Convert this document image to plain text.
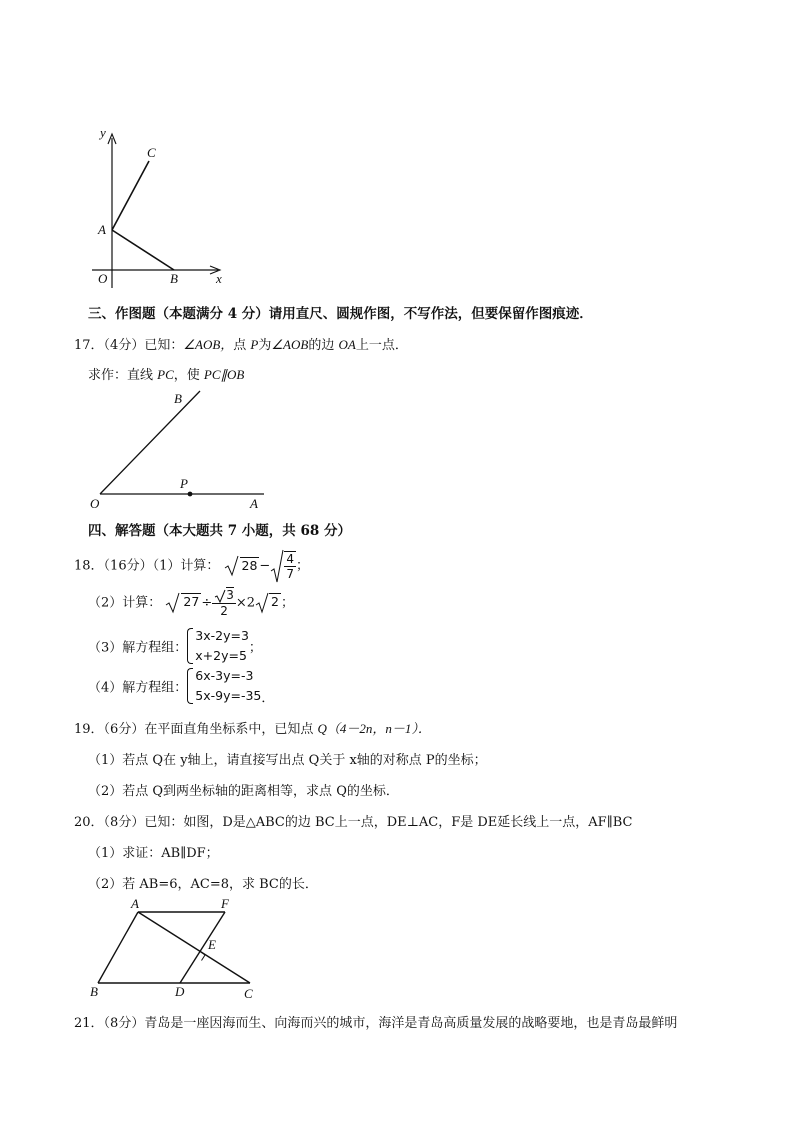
y
C
A
O	B	x
三、作图题（本题满分 4 分）请用直尺、圆规作图，不写作法，但要保留作图痕迹．
17．（4分）已知：∠AOB，点 P为∠AOB的边 OA上一点．
求作：直线 PC，使 PC∥OB
B
O
P
A
四、解答题（本大题共 7 小题，共 68 分）
18．（16分）（1）计算： $28 - \frac{4}{7}$ ；
（2）计算： $27 \div \frac{3}{2} \times 2$ 2 ；
（3）解方程组：
3x-2y=3
x+2y=5 ；
（4）解方程组：
6x-3y=-3
5x-9y=-35 ．
19．（6分）在平面直角坐标系中，已知点 Q（4－2n，n－1）．
（1）若点 Q在 y轴上，请直接写出点 Q关于 x轴的对称点 P的坐标；
（2）若点 Q到两坐标轴的距离相等，求点 Q的坐标．
20．（8分）已知：如图，D是△ABC的边 BC上一点，DE⊥AC，F是 DE延长线上一点，AF∥BC
（1）求证：AB∥DF；
（2）若 AB=6，AC=8，求 BC的长．
A	F
E
B	D	C
21．（8分）青岛是一座因海而生、向海而兴的城市，海洋是青岛高质量发展的战略要地，也是青岛最鲜明
